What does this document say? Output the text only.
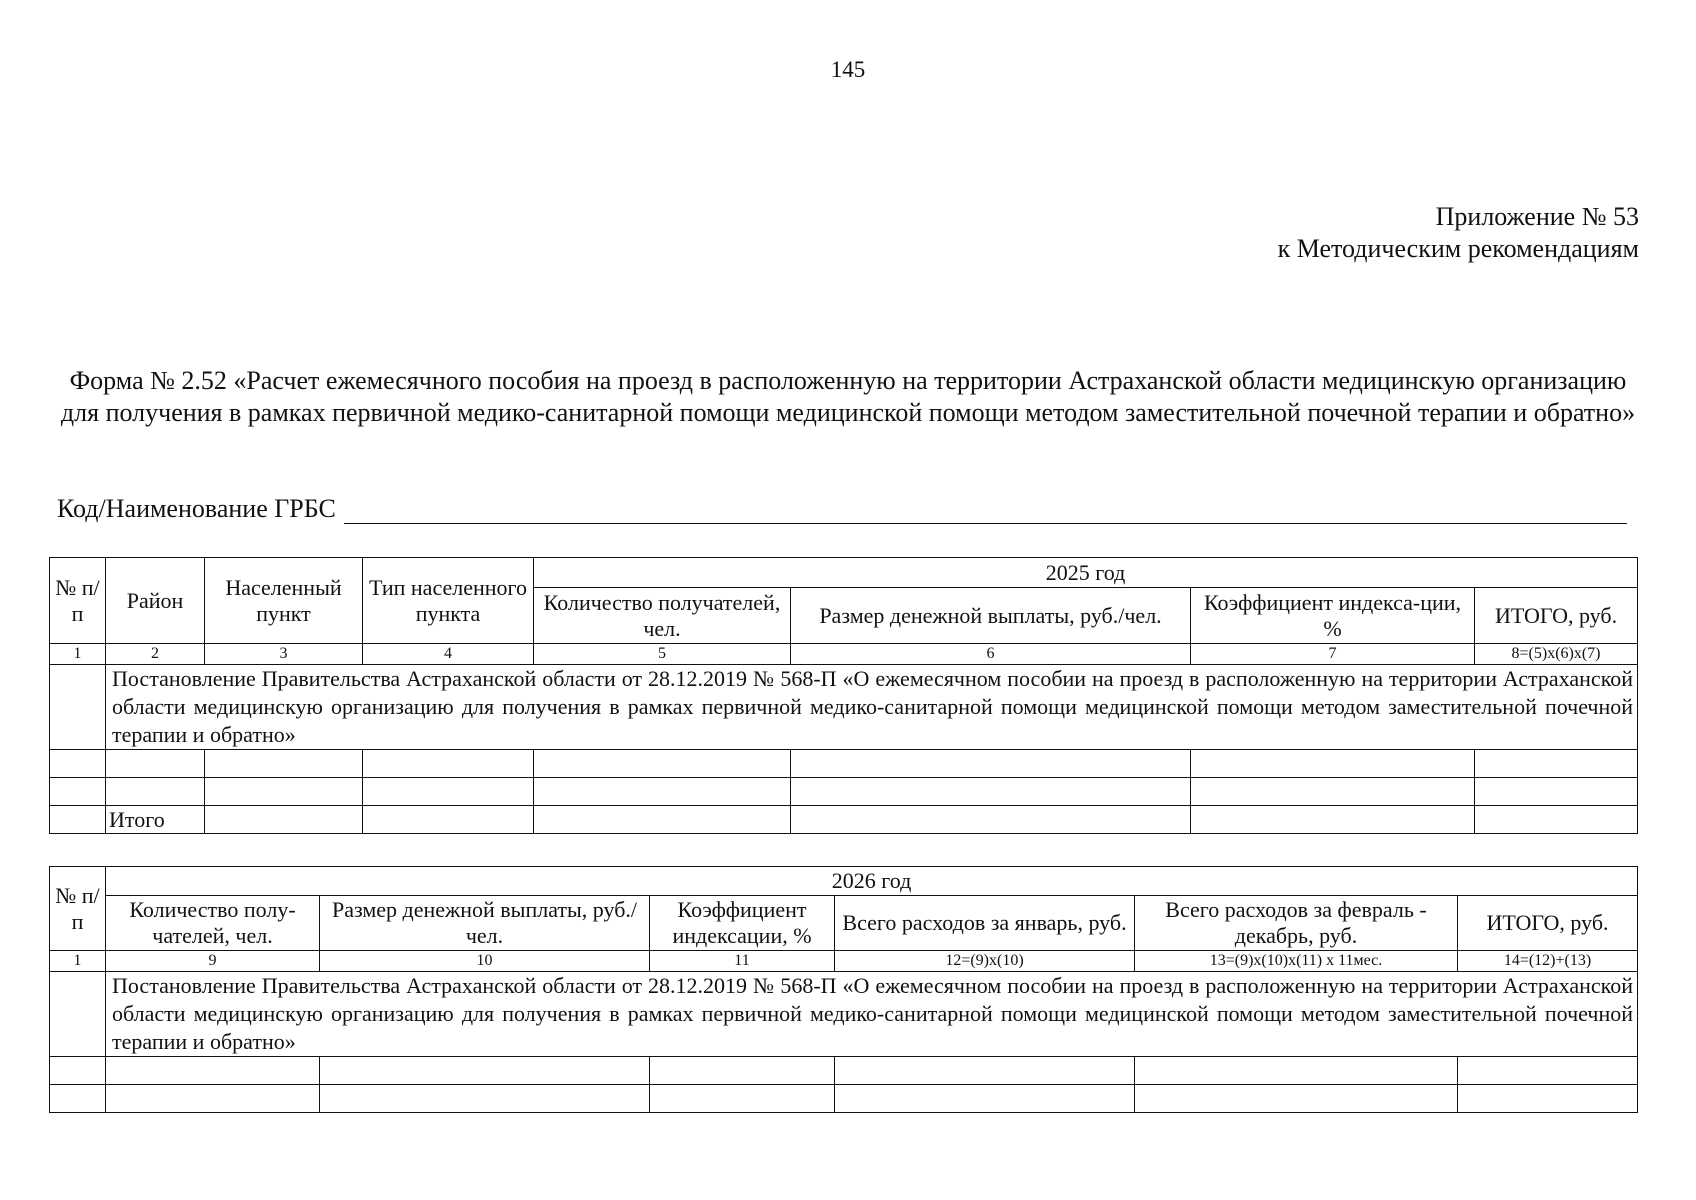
145
Приложение № 53
к Методическим рекомендациям
Форма № 2.52 «Расчет ежемесячного пособия на проезд в расположенную на территории Астраханской области медицинскую организацию для получения в рамках первичной медико-санитарной помощи медицинской помощи методом заместительной почечной терапии и обратно»
Код/Наименование ГРБС
№ п/п	Район	Населенный пункт	Тип населенного пункта	2025 год			
				Количество получателей, чел.	Размер денежной выплаты, руб./чел.	Коэффициент индекса-ции, %	ИТОГО, руб.
1	2	3	4	5	6	7	8=(5)х(6)х(7)
	Постановление Правительства Астраханской области от 28.12.2019 № 568-П «О ежемесячном пособии на проезд в расположенную на территории Астраханской области медицинскую организацию для получения в рамках первичной медико-санитарной помощи медицинской помощи методом заместительной почечной терапии и обратно»						

	Итого						
№ п/п	2026 год					
	Количество полу-чателей, чел.	Размер денежной выплаты, руб./чел.	Коэффициент индексации, %	Всего расходов за январь, руб.	Всего расходов за февраль - декабрь, руб.	ИТОГО, руб.
1	9	10	11	12=(9)х(10)	13=(9)х(10)х(11) х 11мес.	14=(12)+(13)
	Постановление Правительства Астраханской области от 28.12.2019 № 568-П «О ежемесячном пособии на проезд в расположенную на территории Астраханской области медицинскую организацию для получения в рамках первичной медико-санитарной помощи медицинской помощи методом заместительной почечной терапии и обратно»					
